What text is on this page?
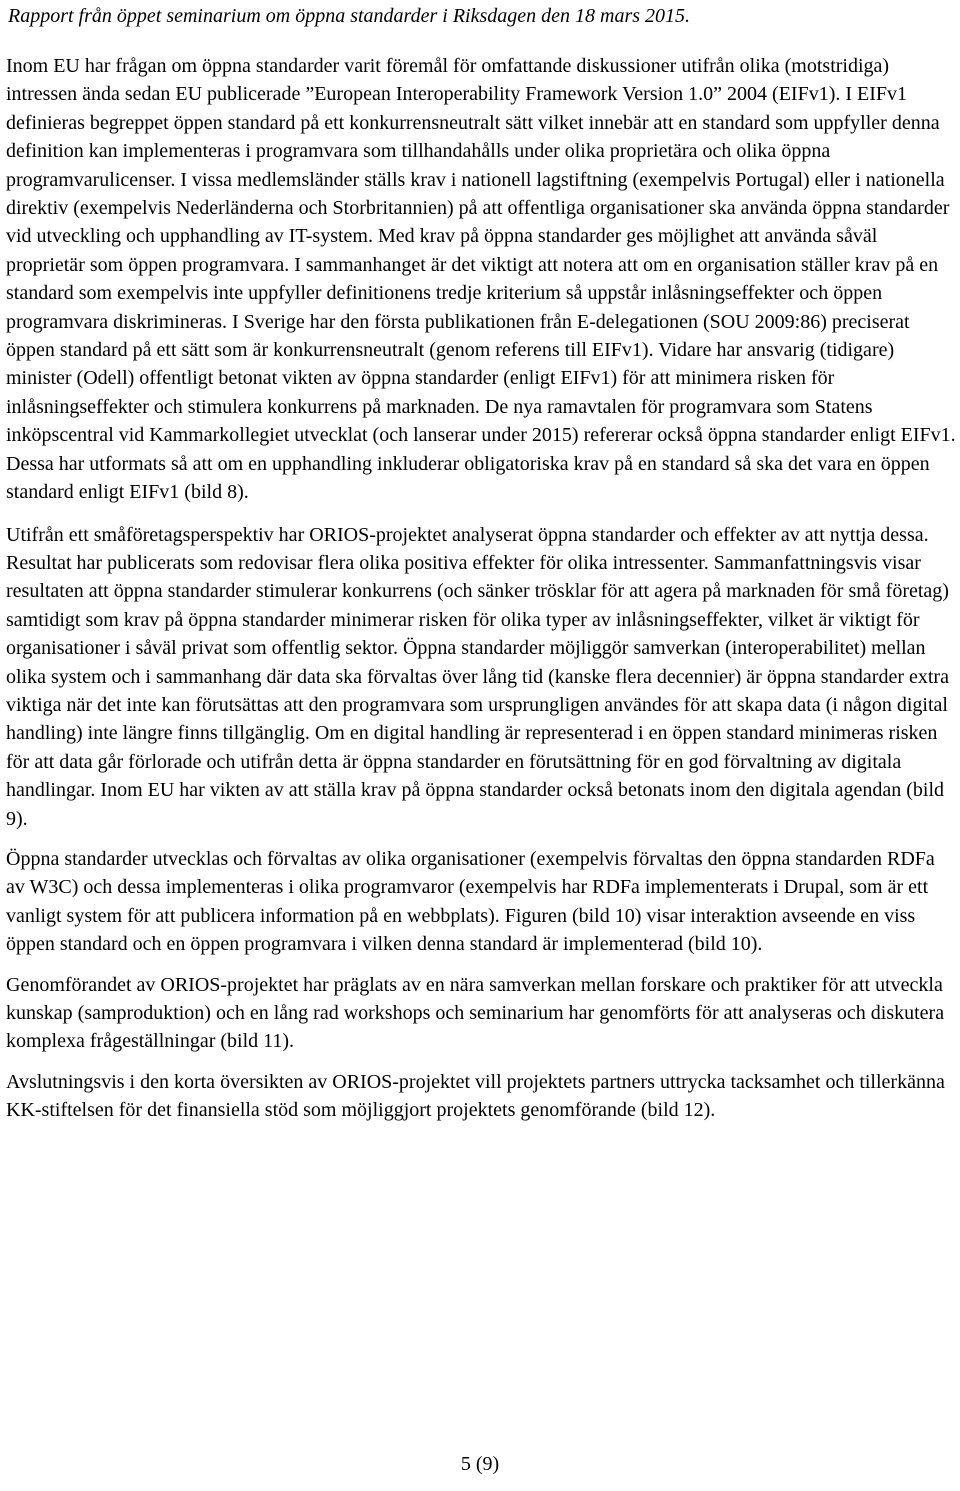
Rapport från öppet seminarium om öppna standarder i Riksdagen den 18 mars 2015.

Inom EU har frågan om öppna standarder varit föremål för omfattande diskussioner utifrån olika (motstridiga) intressen ända sedan EU publicerade ”European Interoperability Framework Version 1.0” 2004 (EIFv1). I EIFv1 definieras begreppet öppen standard på ett konkurrensneutralt sätt vilket innebär att en standard som uppfyller denna definition kan implementeras i programvara som tillhandahålls under olika proprietära och olika öppna programvarulicenser. I vissa medlemsländer ställs krav i nationell lagstiftning (exempelvis Portugal) eller i nationella direktiv (exempelvis Nederländerna och Storbritannien) på att offentliga organisationer ska använda öppna standarder vid utveckling och upphandling av IT-system. Med krav på öppna standarder ges möjlighet att använda såväl proprietär som öppen programvara. I sammanhanget är det viktigt att notera att om en organisation ställer krav på en standard som exempelvis inte uppfyller definitionens tredje kriterium så uppstår inlåsningseffekter och öppen programvara diskrimineras. I Sverige har den första publikationen från E-delegationen (SOU 2009:86) preciserat öppen standard på ett sätt som är konkurrensneutralt (genom referens till EIFv1). Vidare har ansvarig (tidigare) minister (Odell) offentligt betonat vikten av öppna standarder (enligt EIFv1) för att minimera risken för inlåsningseffekter och stimulera konkurrens på marknaden. De nya ramavtalen för programvara som Statens inköpscentral vid Kammarkollegiet utvecklat (och lanserar under 2015) refererar också öppna standarder enligt EIFv1. Dessa har utformats så att om en upphandling inkluderar obligatoriska krav på en standard så ska det vara en öppen standard enligt EIFv1 (bild 8).

Utifrån ett småföretagsperspektiv har ORIOS-projektet analyserat öppna standarder och effekter av att nyttja dessa. Resultat har publicerats som redovisar flera olika positiva effekter för olika intressenter. Sammanfattningsvis visar resultaten att öppna standarder stimulerar konkurrens (och sänker trösklar för att agera på marknaden för små företag) samtidigt som krav på öppna standarder minimerar risken för olika typer av inlåsningseffekter, vilket är viktigt för organisationer i såväl privat som offentlig sektor. Öppna standarder möjliggör samverkan (interoperabilitet) mellan olika system och i sammanhang där data ska förvaltas över lång tid (kanske flera decennier) är öppna standarder extra viktiga när det inte kan förutsättas att den programvara som ursprungligen användes för att skapa data (i någon digital handling) inte längre finns tillgänglig. Om en digital handling är representerad i en öppen standard minimeras risken för att data går förlorade och utifrån detta är öppna standarder en förutsättning för en god förvaltning av digitala handlingar. Inom EU har vikten av att ställa krav på öppna standarder också betonats inom den digitala agendan (bild 9).

Öppna standarder utvecklas och förvaltas av olika organisationer (exempelvis förvaltas den öppna standarden RDFa av W3C) och dessa implementeras i olika programvaror (exempelvis har RDFa implementerats i Drupal, som är ett vanligt system för att publicera information på en webbplats). Figuren (bild 10) visar interaktion avseende en viss öppen standard och en öppen programvara i vilken denna standard är implementerad (bild 10).

Genomförandet av ORIOS-projektet har präglats av en nära samverkan mellan forskare och praktiker för att utveckla kunskap (samproduktion) och en lång rad workshops och seminarium har genomförts för att analyseras och diskutera komplexa frågeställningar (bild 11).

Avslutningsvis i den korta översikten av ORIOS-projektet vill projektets partners uttrycka tacksamhet och tillerkänna KK-stiftelsen för det finansiella stöd som möjliggjort projektets genomförande (bild 12).

5 (9)
